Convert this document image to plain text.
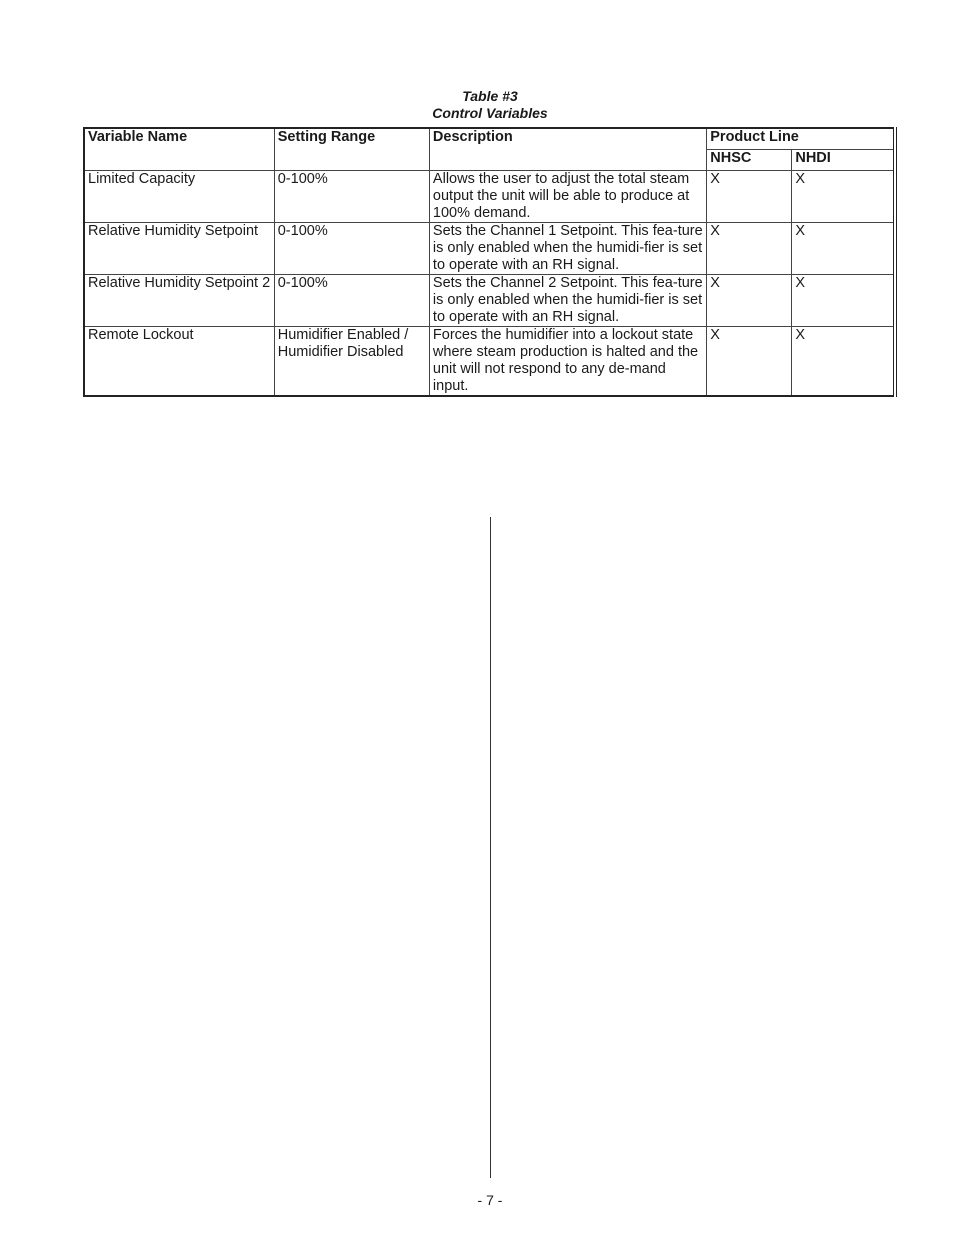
Table #3
Control Variables
Variable Name	Setting Range	Description	Product Line	
			NHSC	NHDI
Limited Capacity	0-100%	Allows the user to adjust the total steam output the unit will be able to produce at 100% demand.	X	X
Relative Humidity Setpoint	0-100%	Sets the Channel 1 Setpoint. This fea-ture is only enabled when the humidi-fier is set to operate with an RH signal.	X	X
Relative Humidity Setpoint 2	0-100%	Sets the Channel 2 Setpoint. This fea-ture is only enabled when the humidi-fier is set to operate with an RH signal.	X	X
Remote Lockout	Humidifier Enabled / Humidifier Disabled	Forces the humidifier into a lockout state where steam production is halted and the unit will not respond to any de-mand input.	X	X
- 7 -
